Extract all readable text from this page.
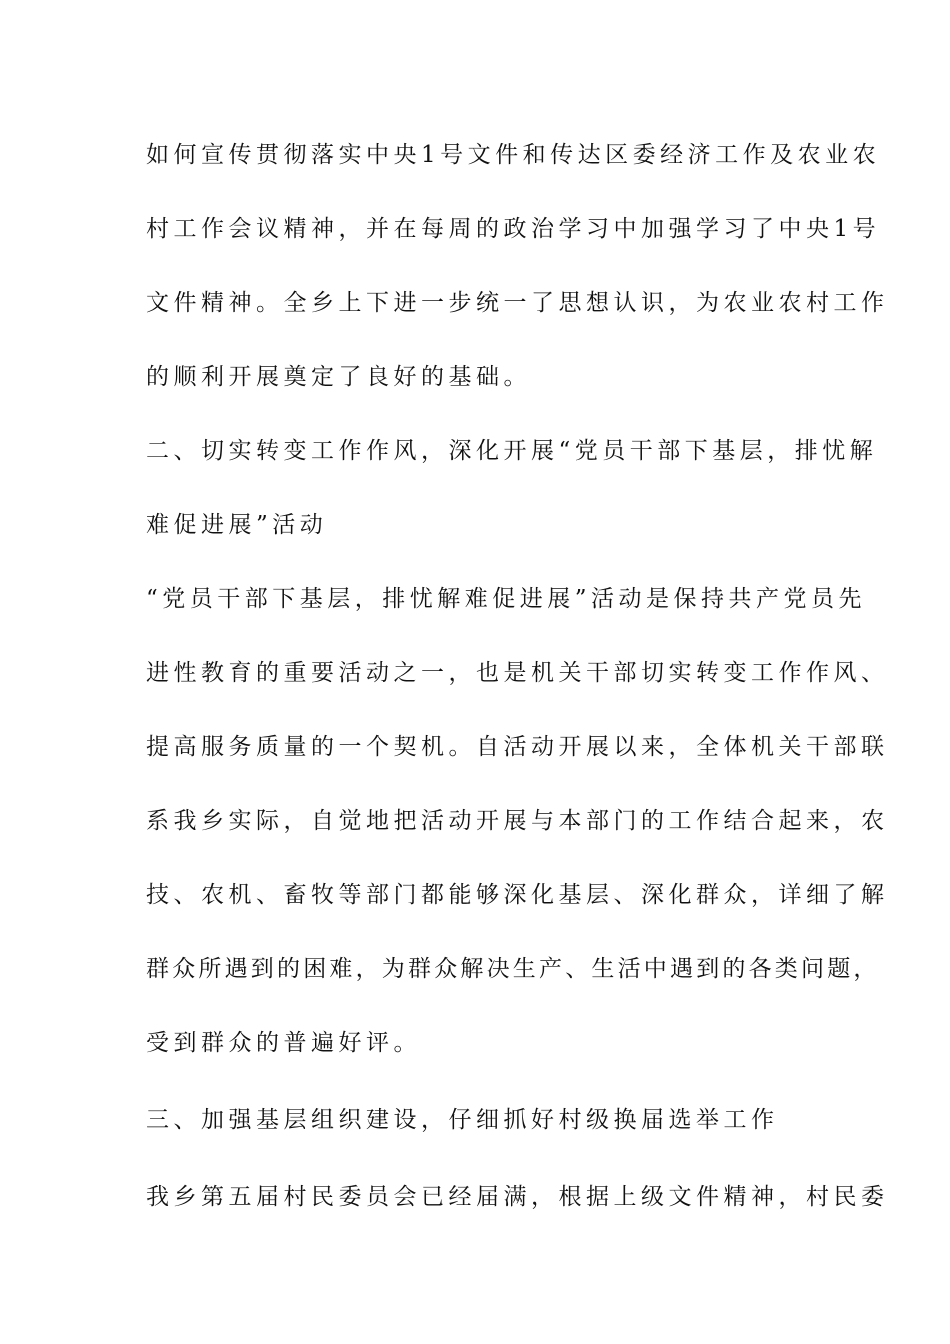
如何宣传贯彻落实中央1号文件和传达区委经济工作及农业农
村工作会议精神，并在每周的政治学习中加强学习了中央1号
文件精神。全乡上下进一步统一了思想认识，为农业农村工作
的顺利开展奠定了良好的基础。
二、切实转变工作作风，深化开展“党员干部下基层，排忧解
难促进展”活动
“党员干部下基层，排忧解难促进展”活动是保持共产党员先
进性教育的重要活动之一，也是机关干部切实转变工作作风、
提高服务质量的一个契机。自活动开展以来，全体机关干部联
系我乡实际，自觉地把活动开展与本部门的工作结合起来，农
技、农机、畜牧等部门都能够深化基层、深化群众，详细了解
群众所遇到的困难，为群众解决生产、生活中遇到的各类问题，
受到群众的普遍好评。
三、加强基层组织建设，仔细抓好村级换届选举工作
我乡第五届村民委员会已经届满，根据上级文件精神，村民委
